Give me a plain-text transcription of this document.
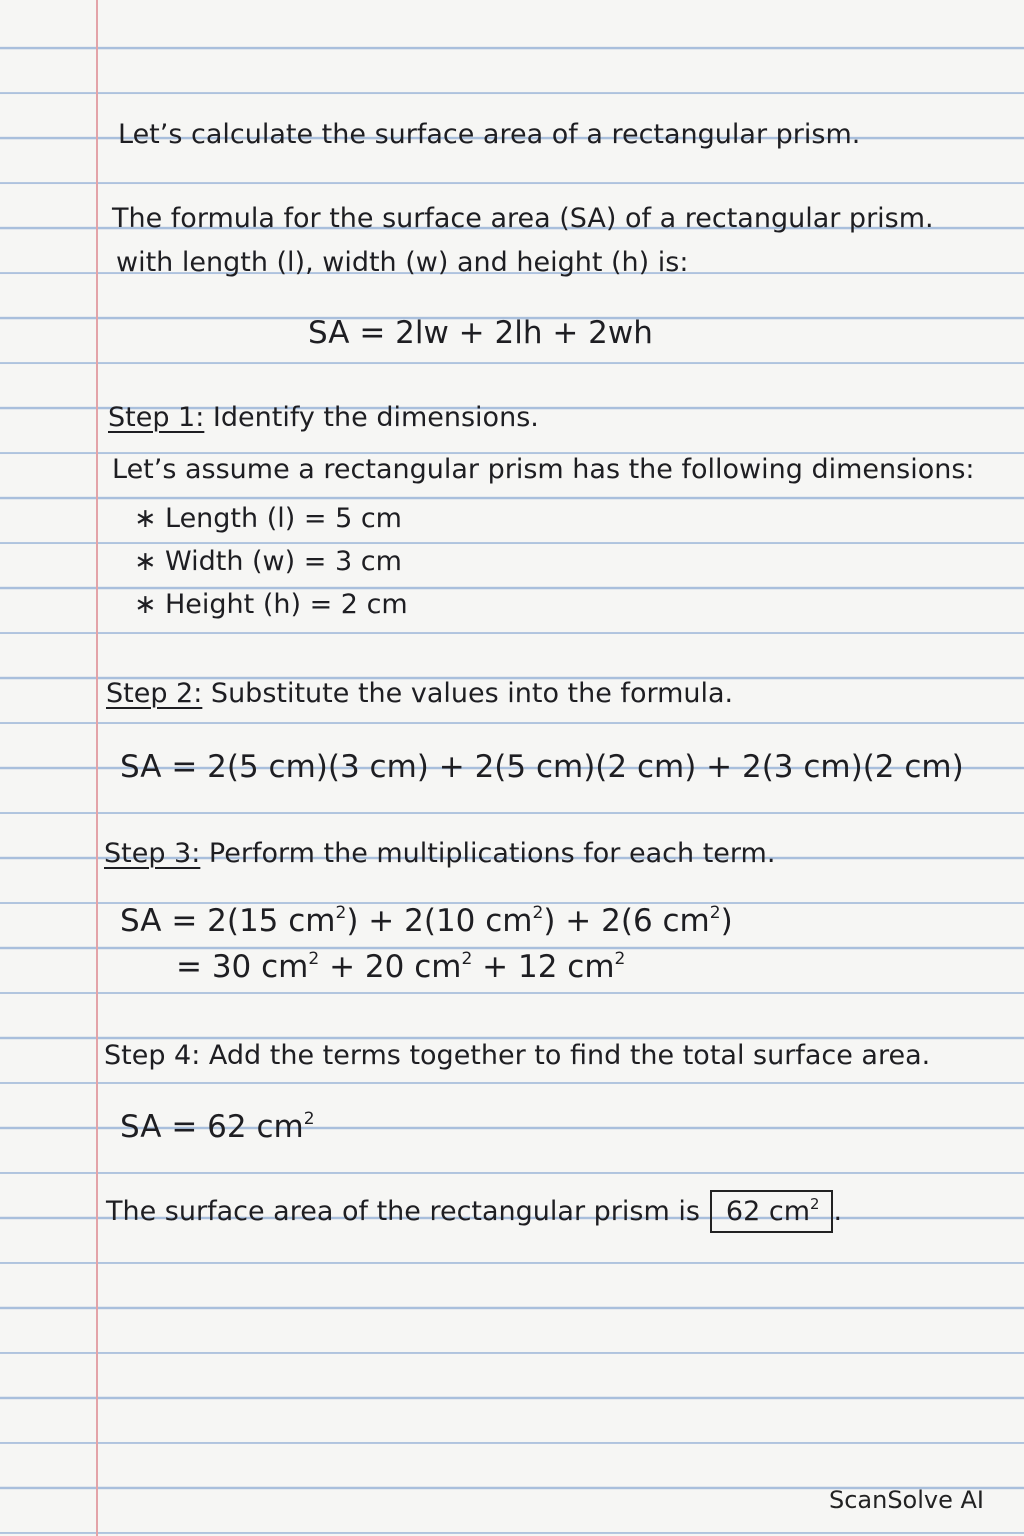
Let’s calculate the surface area of a rectangular prism.
The formula for the surface area (SA) of a rectangular prism.
with length (l), width (w) and height (h) is:
SA = 2lw + 2lh + 2wh
Step 1: Identify the dimensions.
Let’s assume a rectangular prism has the following dimensions:
∗ Length (l) = 5 cm
∗ Width (w) = 3 cm
∗ Height (h) = 2 cm
Step 2: Substitute the values into the formula.
SA = 2(5 cm)(3 cm) + 2(5 cm)(2 cm) + 2(3 cm)(2 cm)
Step 3: Perform the multiplications for each term.
SA = 2(15 $cm^2) + 2(10$ $cm^2) + 2(6$ $cm^2$)
= 30 $cm^2 + 20$ $cm^2 + 12$ $cm^2$
Step 4: Add the terms together to find the total surface area.
SA = 62 $cm^2$
The surface area of the rectangular prism is 62 $cm^2$ .
ScanSolve AI
